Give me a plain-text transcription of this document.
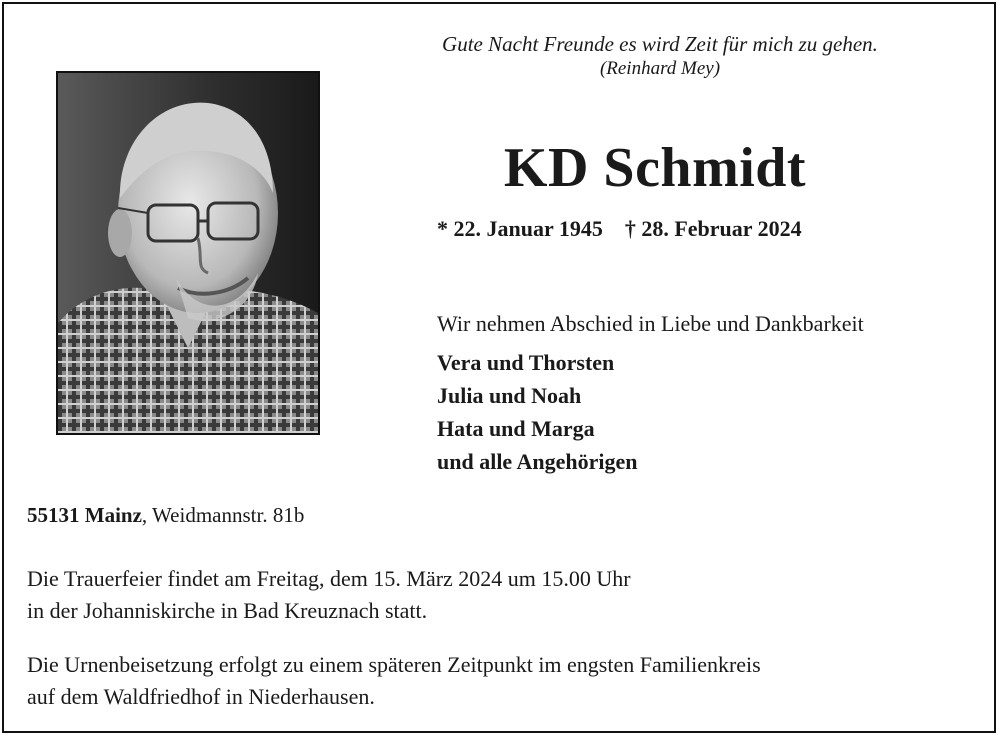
Gute Nacht Freunde es wird Zeit für mich zu gehen.
(Reinhard Mey)
KD Schmidt
* 22. Januar 1945 † 28. Februar 2024
Wir nehmen Abschied in Liebe und Dankbarkeit
Vera und Thorsten
Julia und Noah
Hata und Marga
und alle Angehörigen
55131 Mainz, Weidmannstr. 81b
Die Trauerfeier findet am Freitag, dem 15. März 2024 um 15.00 Uhr
in der Johanniskirche in Bad Kreuznach statt.
Die Urnenbeisetzung erfolgt zu einem späteren Zeitpunkt im engsten Familienkreis
auf dem Waldfriedhof in Niederhausen.
